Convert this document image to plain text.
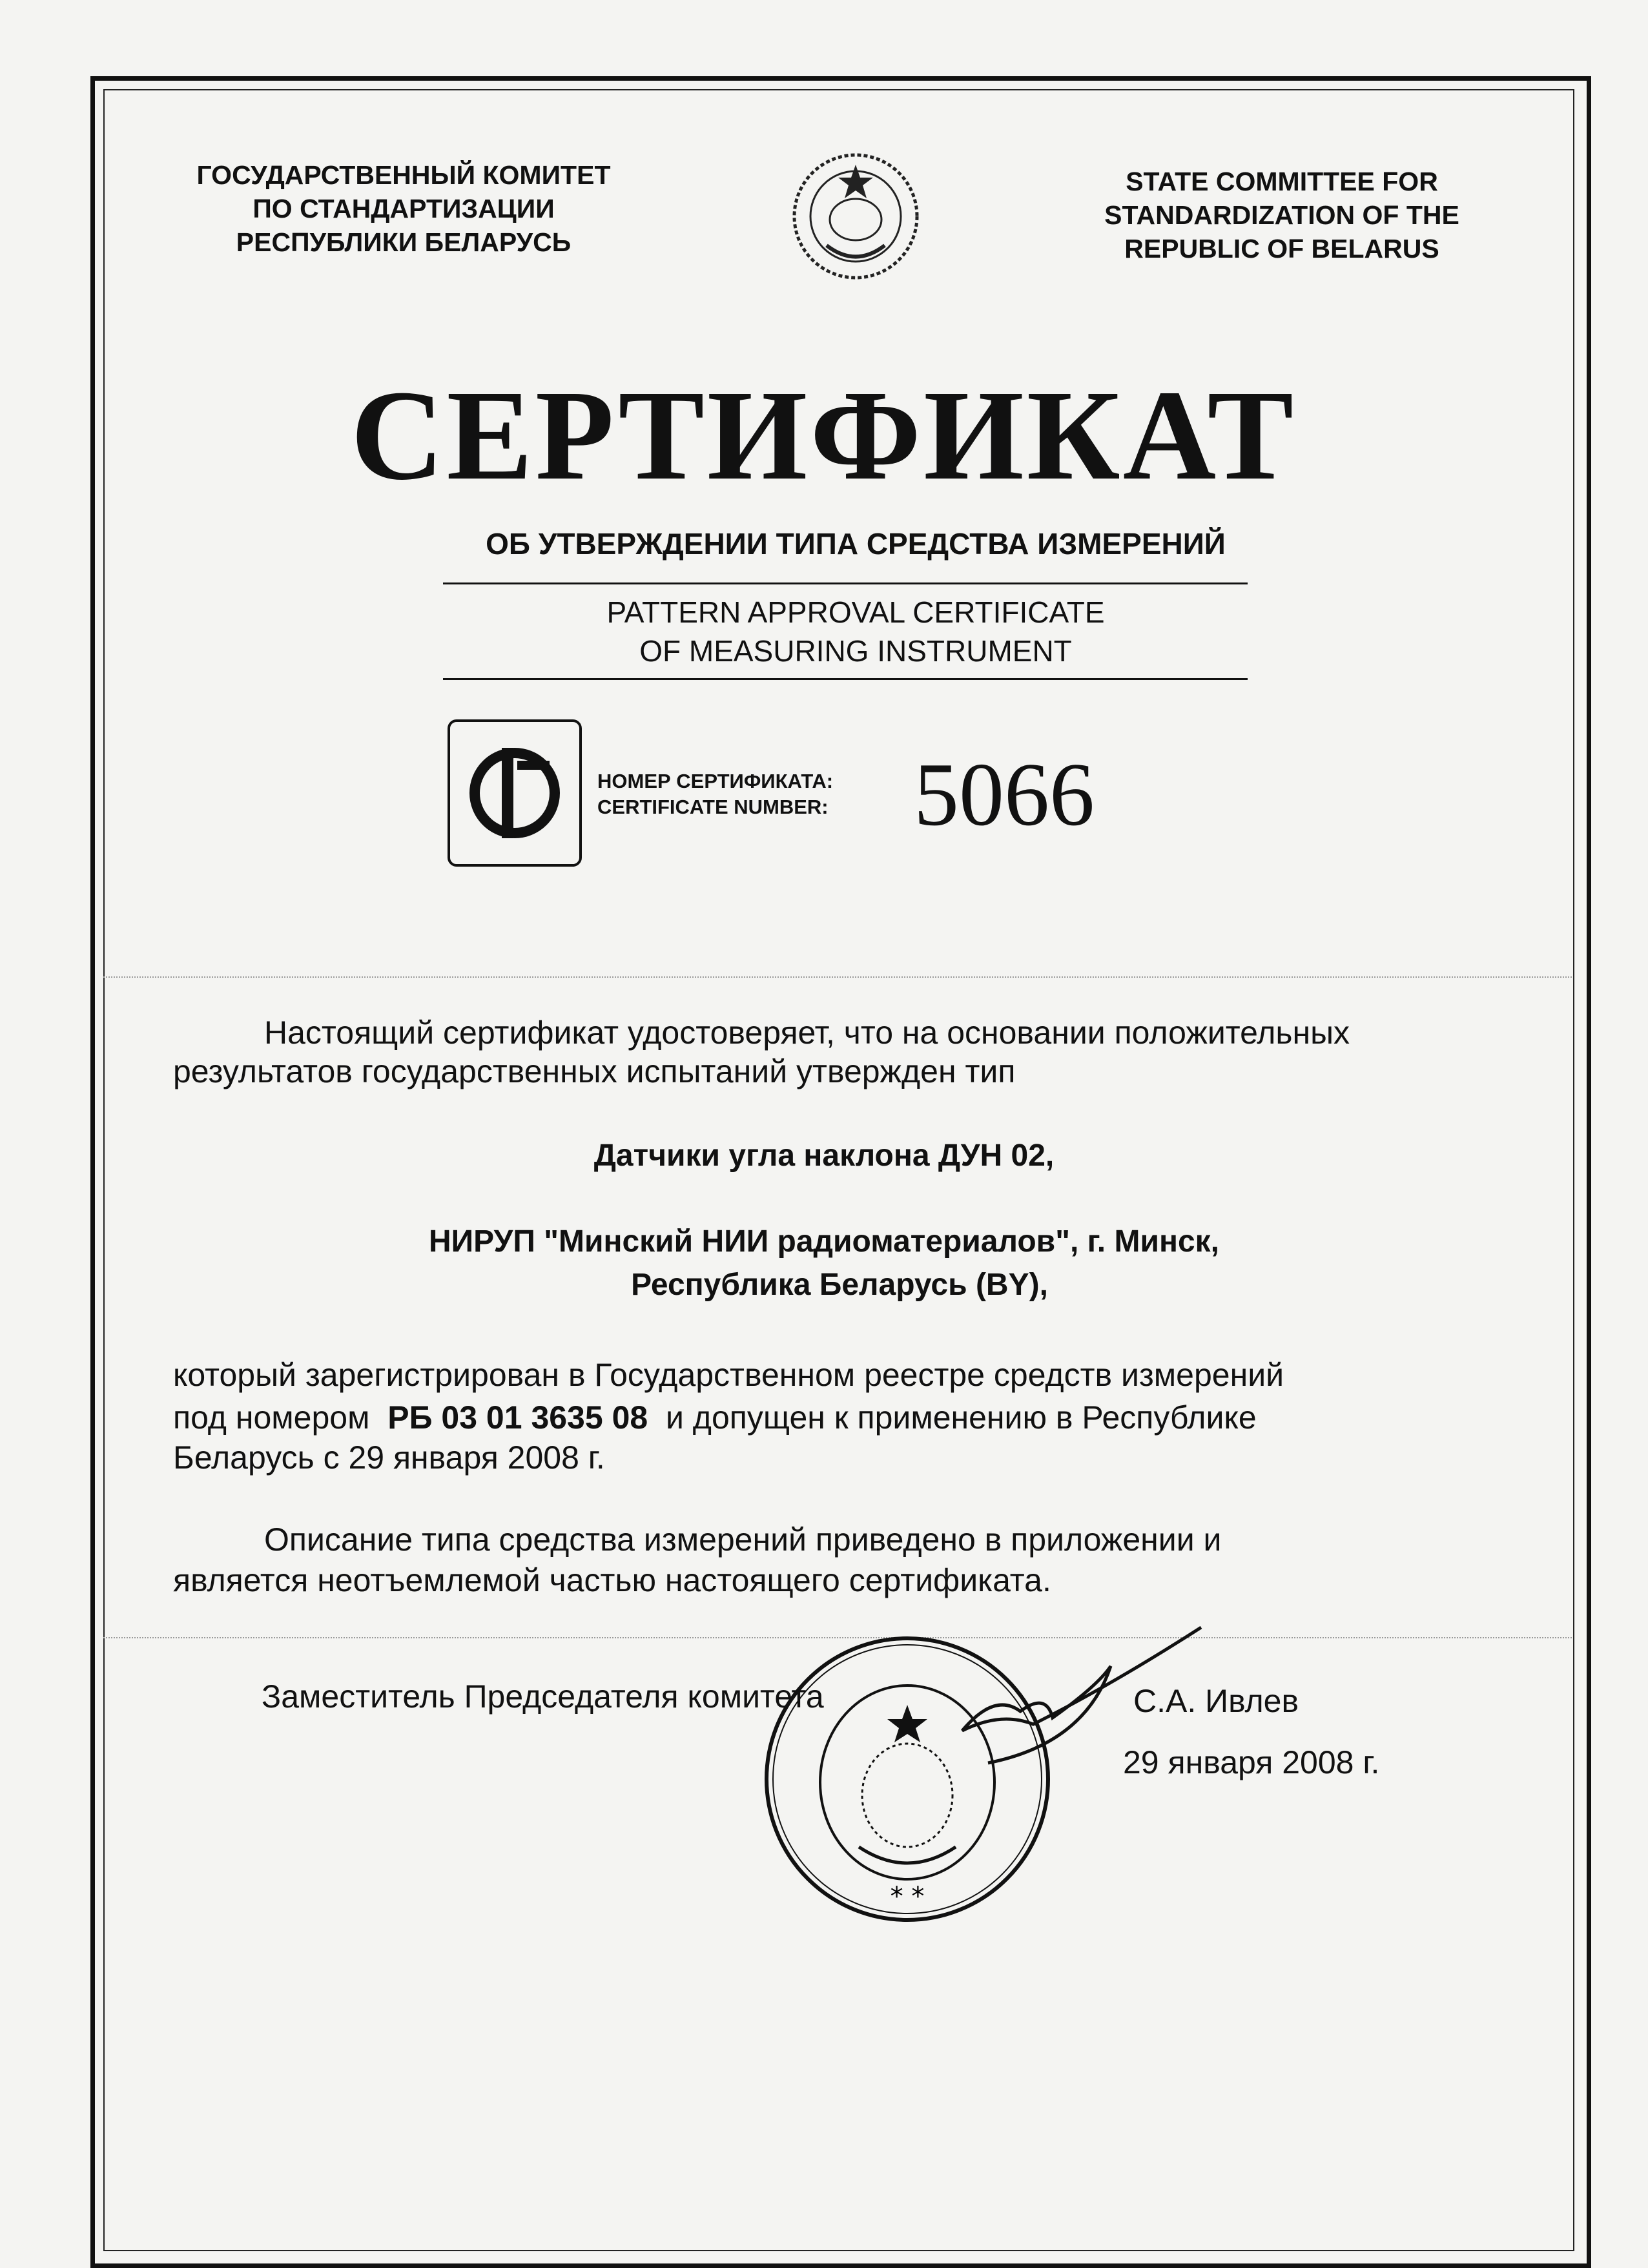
ГОСУДАРСТВЕННЫЙ КОМИТЕТ
ПО СТАНДАРТИЗАЦИИ
РЕСПУБЛИКИ БЕЛАРУСЬ
STATE COMMITTEE FOR
STANDARDIZATION OF THE
REPUBLIC OF BELARUS
СЕРТИФИКАТ
ОБ УТВЕРЖДЕНИИ ТИПА СРЕДСТВА ИЗМЕРЕНИЙ
PATTERN APPROVAL CERTIFICATE
OF MEASURING INSTRUMENT
НОМЕР СЕРТИФИКАТА:
CERTIFICATE NUMBER: 5066
Настоящий сертификат удостоверяет, что на основании положительных
результатов государственных испытаний утвержден тип
Датчики угла наклона ДУН 02,
НИРУП "Минский НИИ радиоматериалов", г. Минск,
Республика Беларусь (BY),
который зарегистрирован в Государственном реестре средств измерений
под номером РБ 03 01 3635 08 и допущен к применению в Республике
Беларусь с 29 января 2008 г.
Описание типа средства измерений приведено в приложении и
является неотъемлемой частью настоящего сертификата.
Заместитель Председателя комитета	С.А. Ивлев
29 января 2008 г.
* *
